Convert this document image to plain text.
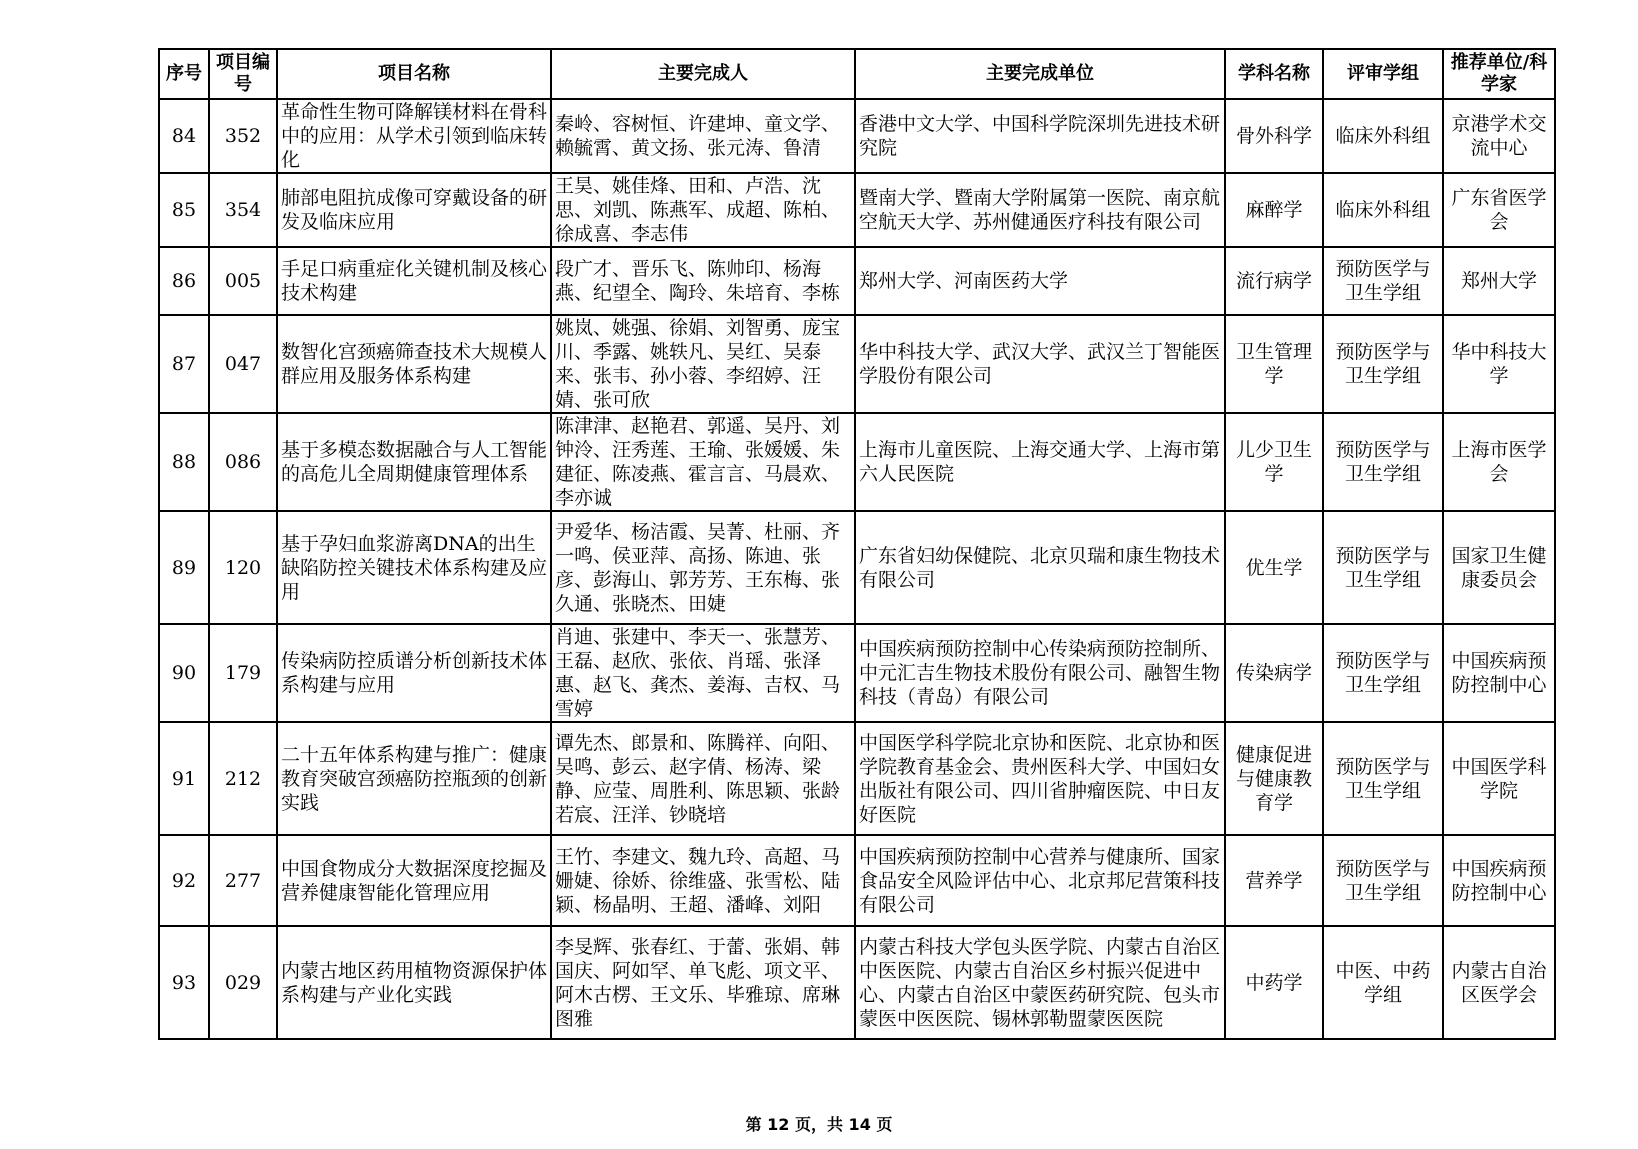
序号	项目编号	项目名称	主要完成人	主要完成单位	学科名称	评审学组	推荐单位/科学家
84	352	革命性生物可降解镁材料在骨科中的应用：从学术引领到临床转化	秦岭、容树恒、许建坤、童文学、赖毓霄、黄文扬、张元涛、鲁清	香港中文大学、中国科学院深圳先进技术研究院	骨外科学	临床外科组	京港学术交流中心
85	354	肺部电阻抗成像可穿戴设备的研发及临床应用	王昊、姚佳烽、田和、卢浩、沈思、刘凯、陈燕军、成超、陈柏、徐成喜、李志伟	暨南大学、暨南大学附属第一医院、南京航空航天大学、苏州健通医疗科技有限公司	麻醉学	临床外科组	广东省医学会
86	005	手足口病重症化关键机制及核心技术构建	段广才、晋乐飞、陈帅印、杨海燕、纪望全、陶玲、朱培育、李栋	郑州大学、河南医药大学	流行病学	预防医学与卫生学组	郑州大学
87	047	数智化宫颈癌筛查技术大规模人群应用及服务体系构建	姚岚、姚强、徐娟、刘智勇、庞宝川、季露、姚轶凡、吴红、吴泰来、张韦、孙小蓉、李绍婷、汪婧、张可欣	华中科技大学、武汉大学、武汉兰丁智能医学股份有限公司	卫生管理学	预防医学与卫生学组	华中科技大学
88	086	基于多模态数据融合与人工智能的高危儿全周期健康管理体系	陈津津、赵艳君、郭遥、吴丹、刘钟泠、汪秀莲、王瑜、张媛媛、朱建征、陈凌燕、霍言言、马晨欢、李亦诚	上海市儿童医院、上海交通大学、上海市第六人民医院	儿少卫生学	预防医学与卫生学组	上海市医学会
89	120	基于孕妇血浆游离DNA的出生缺陷防控关键技术体系构建及应用	尹爱华、杨洁霞、吴菁、杜丽、齐一鸣、侯亚萍、高扬、陈迪、张彦、彭海山、郭芳芳、王东梅、张久通、张晓杰、田婕	广东省妇幼保健院、北京贝瑞和康生物技术有限公司	优生学	预防医学与卫生学组	国家卫生健康委员会
90	179	传染病防控质谱分析创新技术体系构建与应用	肖迪、张建中、李天一、张慧芳、王磊、赵欣、张依、肖瑶、张泽惠、赵飞、龚杰、姜海、吉权、马雪婷	中国疾病预防控制中心传染病预防控制所、中元汇吉生物技术股份有限公司、融智生物科技（青岛）有限公司	传染病学	预防医学与卫生学组	中国疾病预防控制中心
91	212	二十五年体系构建与推广：健康教育突破宫颈癌防控瓶颈的创新实践	谭先杰、郎景和、陈腾祥、向阳、吴鸣、彭云、赵字倩、杨涛、梁静、应莹、周胜利、陈思颖、张龄若宸、汪洋、钞晓培	中国医学科学院北京协和医院、北京协和医学院教育基金会、贵州医科大学、中国妇女出版社有限公司、四川省肿瘤医院、中日友好医院	健康促进与健康教育学	预防医学与卫生学组	中国医学科学院
92	277	中国食物成分大数据深度挖掘及营养健康智能化管理应用	王竹、李建文、魏九玲、高超、马姗婕、徐娇、徐维盛、张雪松、陆颖、杨晶明、王超、潘峰、刘阳	中国疾病预防控制中心营养与健康所、国家食品安全风险评估中心、北京邦尼营策科技有限公司	营养学	预防医学与卫生学组	中国疾病预防控制中心
93	029	内蒙古地区药用植物资源保护体系构建与产业化实践	李旻辉、张春红、于蕾、张娟、韩国庆、阿如罕、单飞彪、项文平、阿木古楞、王文乐、毕雅琼、席琳图雅	内蒙古科技大学包头医学院、内蒙古自治区中医医院、内蒙古自治区乡村振兴促进中心、内蒙古自治区中蒙医药研究院、包头市蒙医中医医院、锡林郭勒盟蒙医医院	中药学	中医、中药学组	内蒙古自治区医学会
第 12 页，共 14 页
